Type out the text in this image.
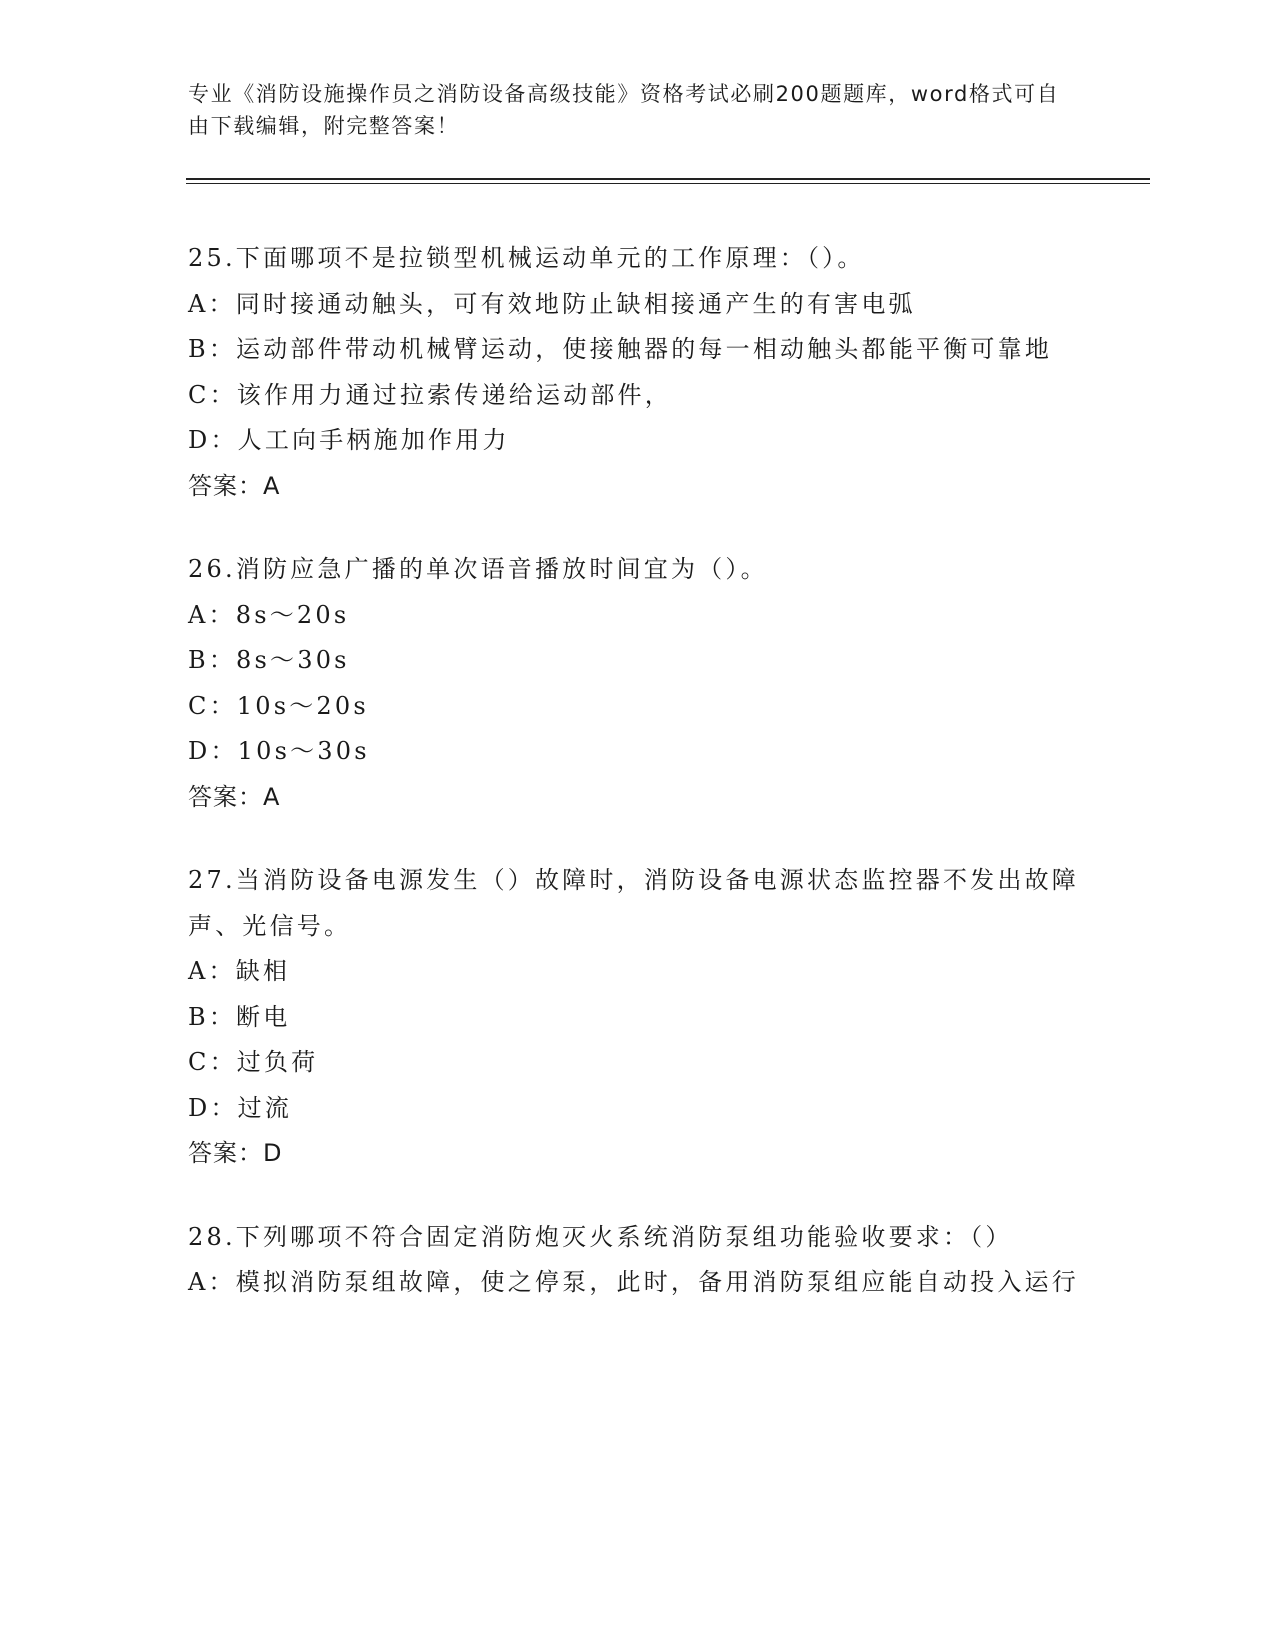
专业《消防设施操作员之消防设备高级技能》资格考试必刷200题题库，word格式可自由下载编辑，附完整答案！

25.下面哪项不是拉锁型机械运动单元的工作原理：（）。

A：同时接通动触头，可有效地防止缺相接通产生的有害电弧

B：运动部件带动机械臂运动，使接触器的每一相动触头都能平衡可靠地

C：该作用力通过拉索传递给运动部件，

D：人工向手柄施加作用力

答案：A

26.消防应急广播的单次语音播放时间宜为（）。

A：8s～20s

B：8s～30s

C：10s～20s

D：10s～30s

答案：A

27.当消防设备电源发生（）故障时，消防设备电源状态监控器不发出故障声、光信号。

A：缺相

B：断电

C：过负荷

D：过流

答案：D

28.下列哪项不符合固定消防炮灭火系统消防泵组功能验收要求：（）

A：模拟消防泵组故障，使之停泵，此时，备用消防泵组应能自动投入运行
